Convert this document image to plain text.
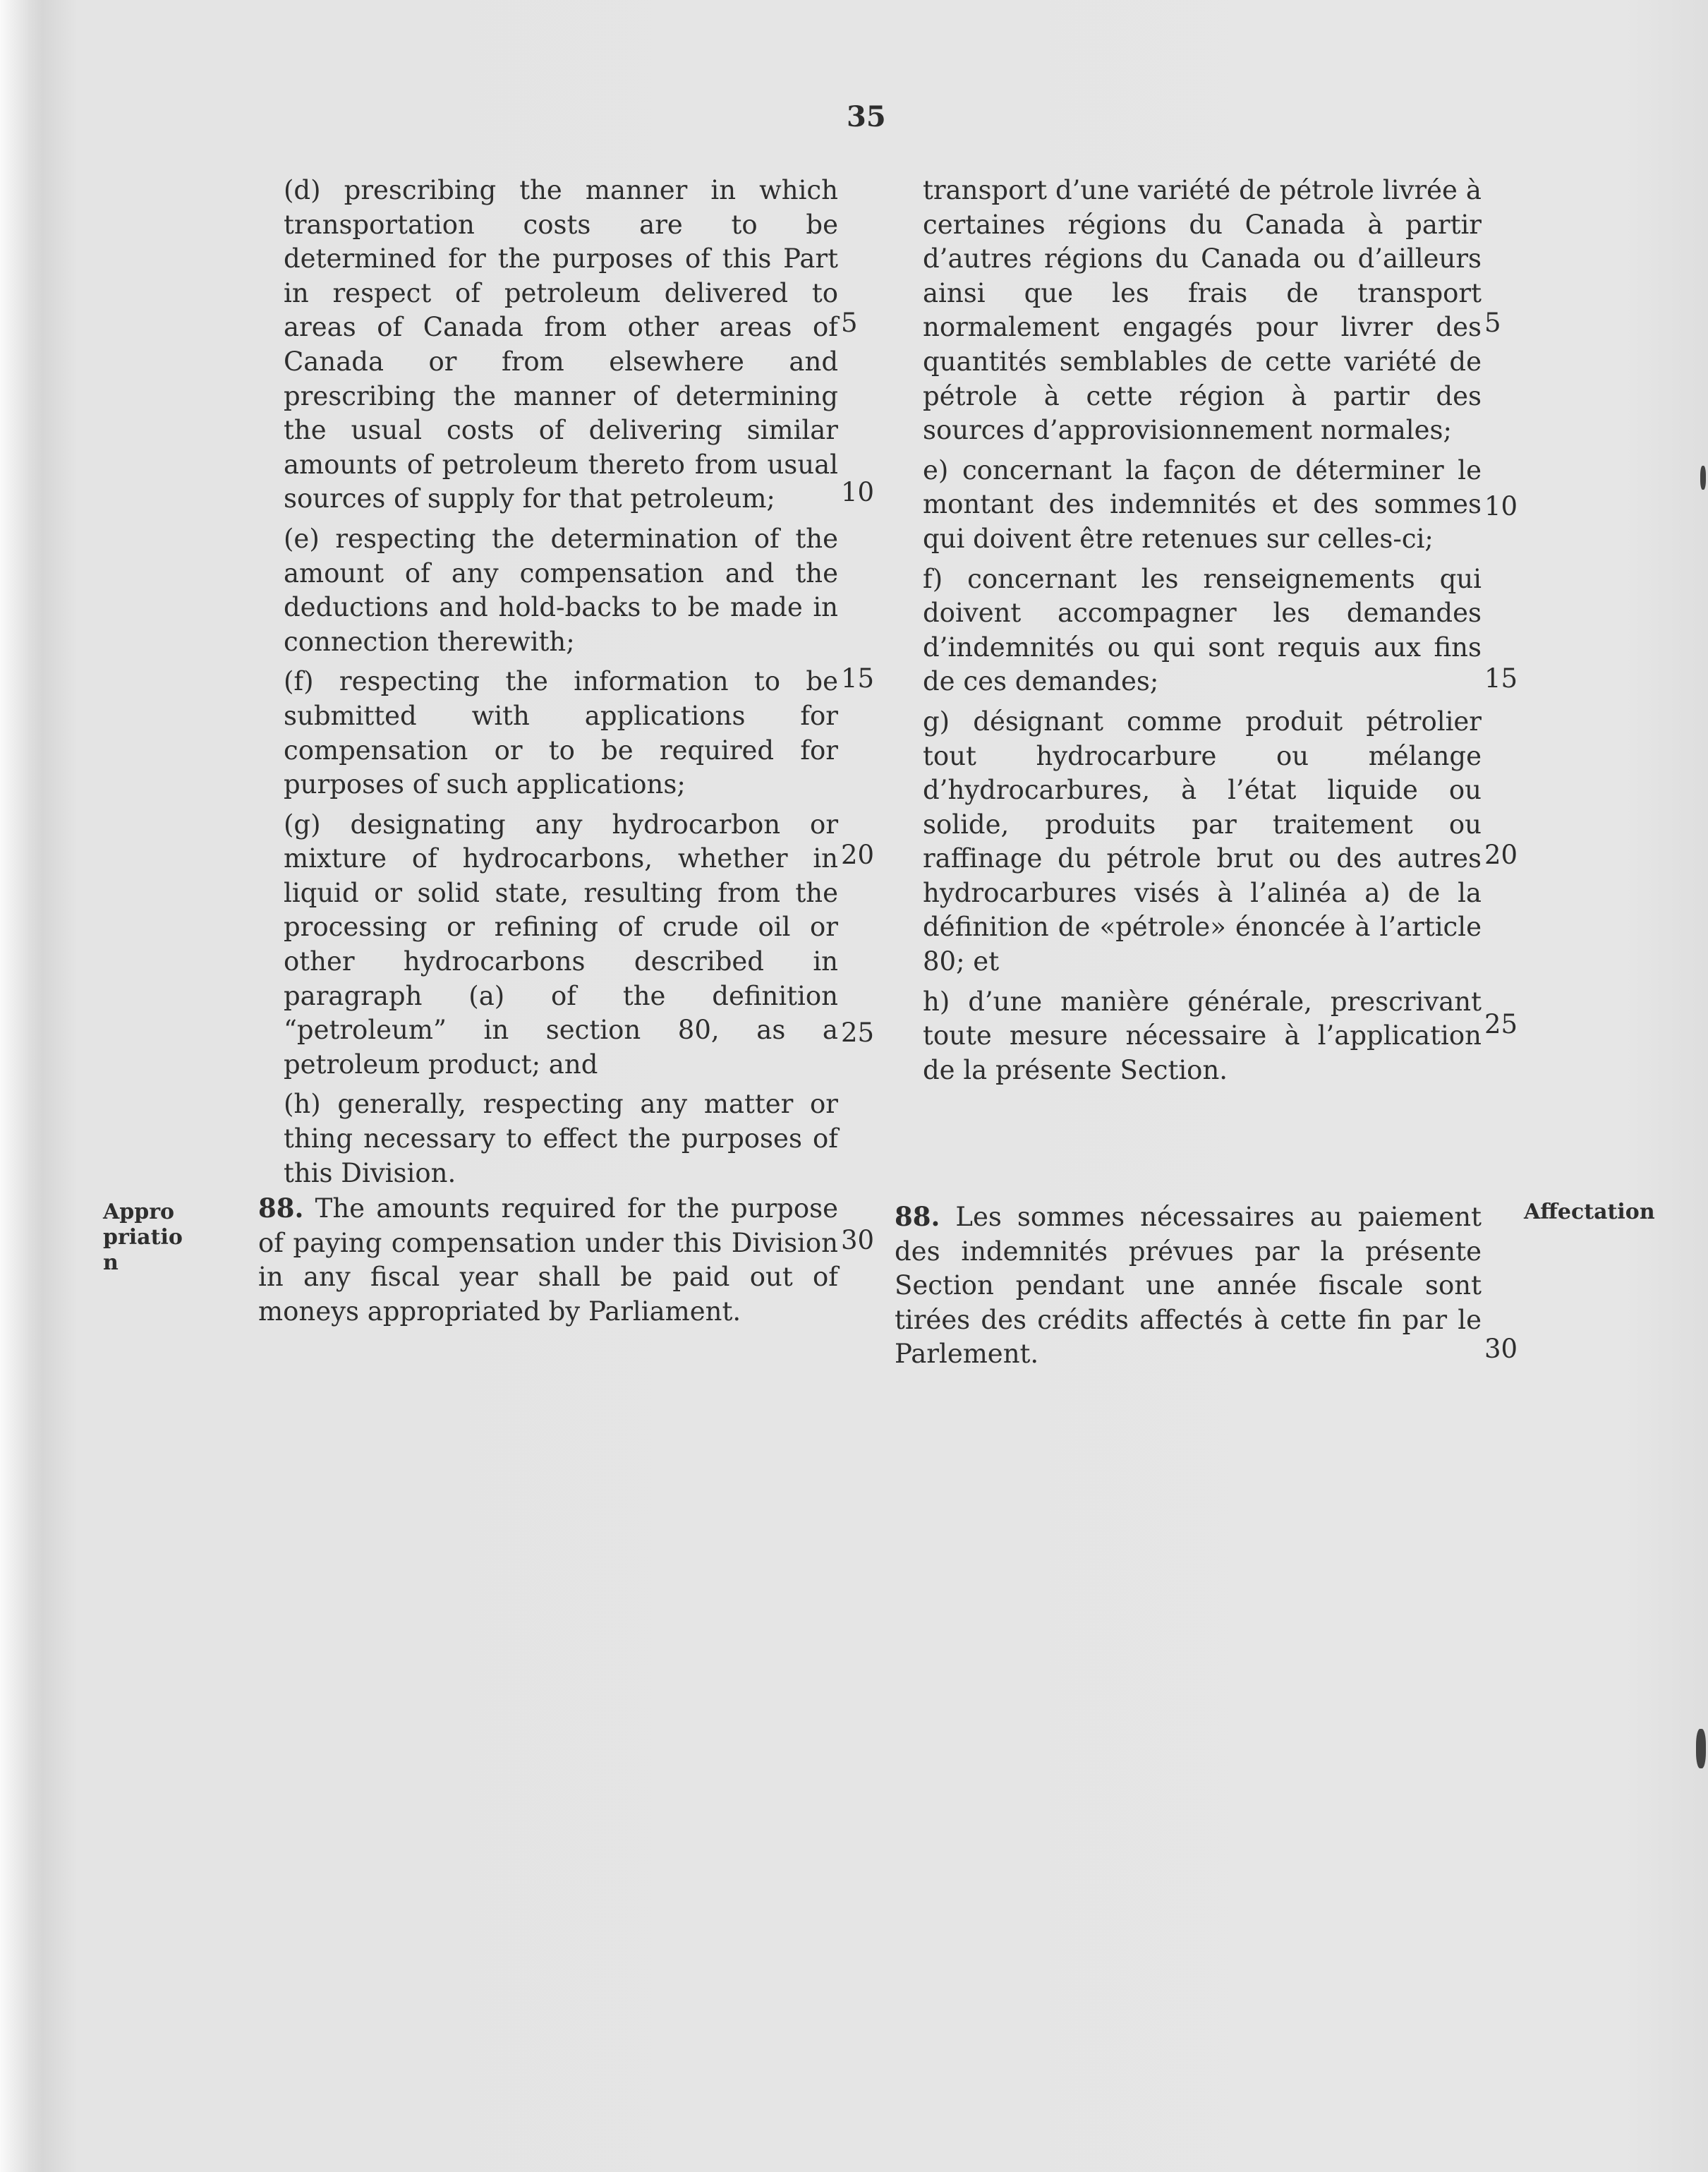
35

(d) prescribing the manner in which transportation costs are to be determined for the purposes of this Part in respect of petroleum delivered to areas of Canada from other areas of Canada or from elsewhere and prescribing the manner of determining the usual costs of delivering similar amounts of petroleum thereto from usual sources of supply for that petroleum;

(e) respecting the determination of the amount of any compensation and the deductions and hold-backs to be made in connection therewith;

(f) respecting the information to be submitted with applications for compensation or to be required for purposes of such applications;

(g) designating any hydrocarbon or mixture of hydrocarbons, whether in liquid or solid state, resulting from the processing or refining of crude oil or other hydrocarbons described in paragraph (a) of the definition “petroleum” in section 80, as a petroleum product; and

(h) generally, respecting any matter or thing necessary to effect the purposes of this Division.

5
10
15
20
25
30

transport d’une variété de pétrole livrée à certaines régions du Canada à partir d’autres régions du Canada ou d’ailleurs ainsi que les frais de transport normalement engagés pour livrer des quantités semblables de cette variété de pétrole à cette région à partir des sources d’approvisionnement normales;

e) concernant la façon de déterminer le montant des indemnités et des sommes qui doivent être retenues sur celles-ci;

f) concernant les renseignements qui doivent accompagner les demandes d’indemnités ou qui sont requis aux fins de ces demandes;

g) désignant comme produit pétrolier tout hydrocarbure ou mélange d’hydrocarbures, à l’état liquide ou solide, produits par traitement ou raffinage du pétrole brut ou des autres hydrocarbures visés à l’alinéa a) de la définition de «pétrole» énoncée à l’article 80; et

h) d’une manière générale, prescrivant toute mesure nécessaire à l’application de la présente Section.

5
10
15
20
25
30
Appropriation
88. The amounts required for the purpose of paying compensation under this Division in any fiscal year shall be paid out of moneys appropriated by Parliament.
88. Les sommes nécessaires au paiement des indemnités prévues par la présente Section pendant une année fiscale sont tirées des crédits affectés à cette fin par le Parlement.
Affectation
